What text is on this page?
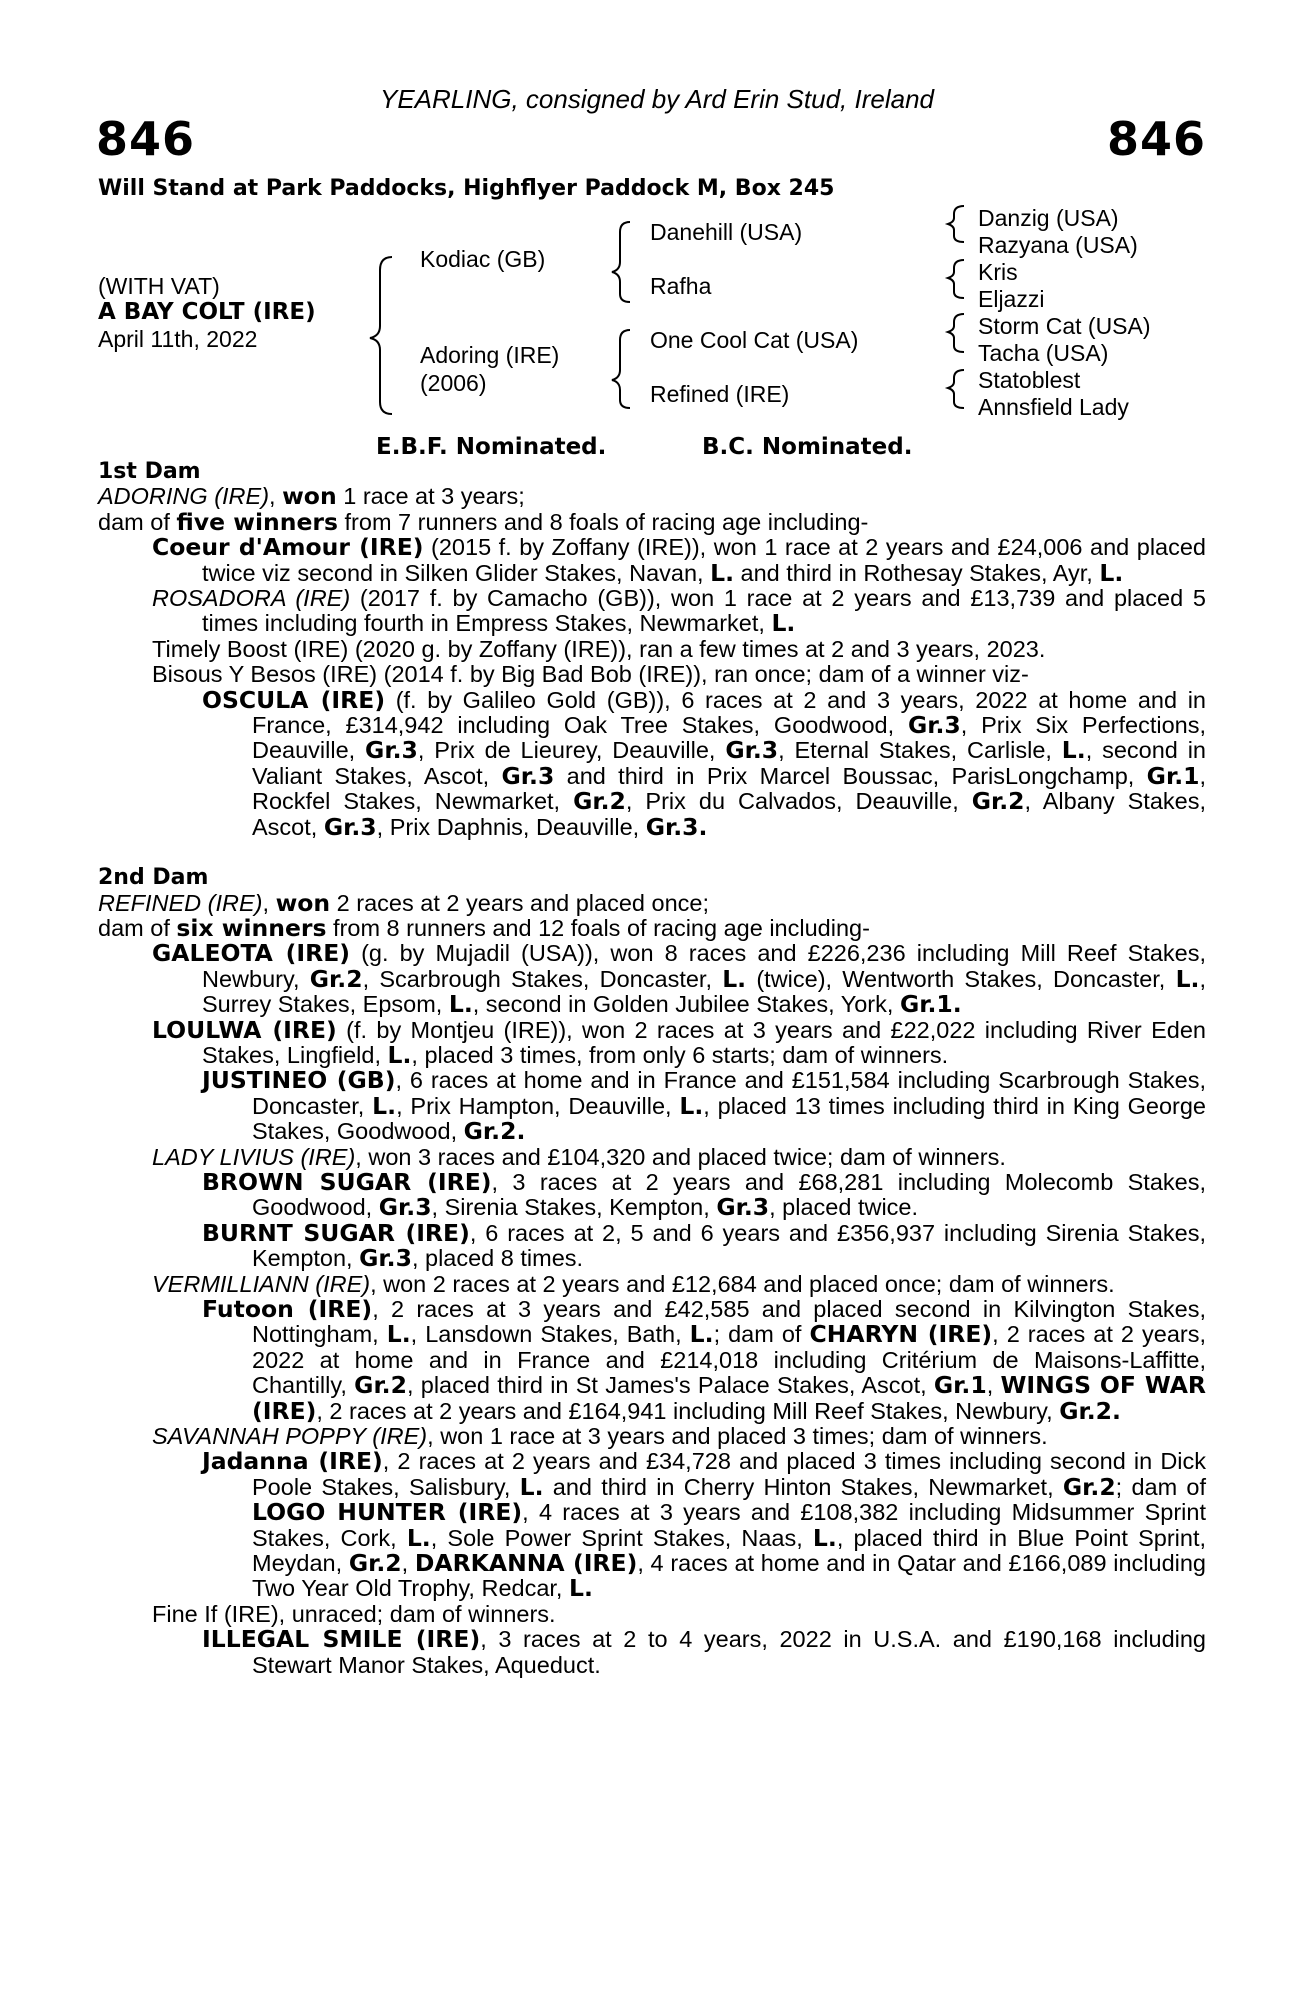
YEARLING, consigned by Ard Erin Stud, Ireland
846	846
Will Stand at Park Paddocks, Highflyer Paddock M, Box 245
(WITH VAT)
A BAY COLT (IRE)
April 11th, 2022
Kodiac (GB)
Adoring (IRE)
(2006)
Danehill (USA)
Rafha
One Cool Cat (USA)
Refined (IRE)
Danzig (USA)
Razyana (USA)
Kris
Eljazzi
Storm Cat (USA)
Tacha (USA)
Statoblest
Annsfield Lady
E.B.F. Nominated.	B.C. Nominated.
1st Dam
ADORING (IRE), won 1 race at 3 years;
dam of five winners from 7 runners and 8 foals of racing age including-
Coeur d'Amour (IRE) (2015 f. by Zoffany (IRE)), won 1 race at 2 years and £24,006 and placed twice viz second in Silken Glider Stakes, Navan, L. and third in Rothesay Stakes, Ayr, L.
ROSADORA (IRE) (2017 f. by Camacho (GB)), won 1 race at 2 years and £13,739 and placed 5 times including fourth in Empress Stakes, Newmarket, L.
Timely Boost (IRE) (2020 g. by Zoffany (IRE)), ran a few times at 2 and 3 years, 2023.
Bisous Y Besos (IRE) (2014 f. by Big Bad Bob (IRE)), ran once; dam of a winner viz-
OSCULA (IRE) (f. by Galileo Gold (GB)), 6 races at 2 and 3 years, 2022 at home and in France, £314,942 including Oak Tree Stakes, Goodwood, Gr.3, Prix Six Perfections, Deauville, Gr.3, Prix de Lieurey, Deauville, Gr.3, Eternal Stakes, Carlisle, L., second in Valiant Stakes, Ascot, Gr.3 and third in Prix Marcel Boussac, ParisLongchamp, Gr.1, Rockfel Stakes, Newmarket, Gr.2, Prix du Calvados, Deauville, Gr.2, Albany Stakes, Ascot, Gr.3, Prix Daphnis, Deauville, Gr.3.
2nd Dam
REFINED (IRE), won 2 races at 2 years and placed once;
dam of six winners from 8 runners and 12 foals of racing age including-
GALEOTA (IRE) (g. by Mujadil (USA)), won 8 races and £226,236 including Mill Reef Stakes, Newbury, Gr.2, Scarbrough Stakes, Doncaster, L. (twice), Wentworth Stakes, Doncaster, L., Surrey Stakes, Epsom, L., second in Golden Jubilee Stakes, York, Gr.1.
LOULWA (IRE) (f. by Montjeu (IRE)), won 2 races at 3 years and £22,022 including River Eden Stakes, Lingfield, L., placed 3 times, from only 6 starts; dam of winners.
JUSTINEO (GB), 6 races at home and in France and £151,584 including Scarbrough Stakes, Doncaster, L., Prix Hampton, Deauville, L., placed 13 times including third in King George Stakes, Goodwood, Gr.2.
LADY LIVIUS (IRE), won 3 races and £104,320 and placed twice; dam of winners.
BROWN SUGAR (IRE), 3 races at 2 years and £68,281 including Molecomb Stakes, Goodwood, Gr.3, Sirenia Stakes, Kempton, Gr.3, placed twice.
BURNT SUGAR (IRE), 6 races at 2, 5 and 6 years and £356,937 including Sirenia Stakes, Kempton, Gr.3, placed 8 times.
VERMILLIANN (IRE), won 2 races at 2 years and £12,684 and placed once; dam of winners.
Futoon (IRE), 2 races at 3 years and £42,585 and placed second in Kilvington Stakes, Nottingham, L., Lansdown Stakes, Bath, L.; dam of CHARYN (IRE), 2 races at 2 years, 2022 at home and in France and £214,018 including Critérium de Maisons-Laffitte, Chantilly, Gr.2, placed third in St James's Palace Stakes, Ascot, Gr.1, WINGS OF WAR (IRE), 2 races at 2 years and £164,941 including Mill Reef Stakes, Newbury, Gr.2.
SAVANNAH POPPY (IRE), won 1 race at 3 years and placed 3 times; dam of winners.
Jadanna (IRE), 2 races at 2 years and £34,728 and placed 3 times including second in Dick Poole Stakes, Salisbury, L. and third in Cherry Hinton Stakes, Newmarket, Gr.2; dam of LOGO HUNTER (IRE), 4 races at 3 years and £108,382 including Midsummer Sprint Stakes, Cork, L., Sole Power Sprint Stakes, Naas, L., placed third in Blue Point Sprint, Meydan, Gr.2, DARKANNA (IRE), 4 races at home and in Qatar and £166,089 including Two Year Old Trophy, Redcar, L.
Fine If (IRE), unraced; dam of winners.
ILLEGAL SMILE (IRE), 3 races at 2 to 4 years, 2022 in U.S.A. and £190,168 including Stewart Manor Stakes, Aqueduct.
